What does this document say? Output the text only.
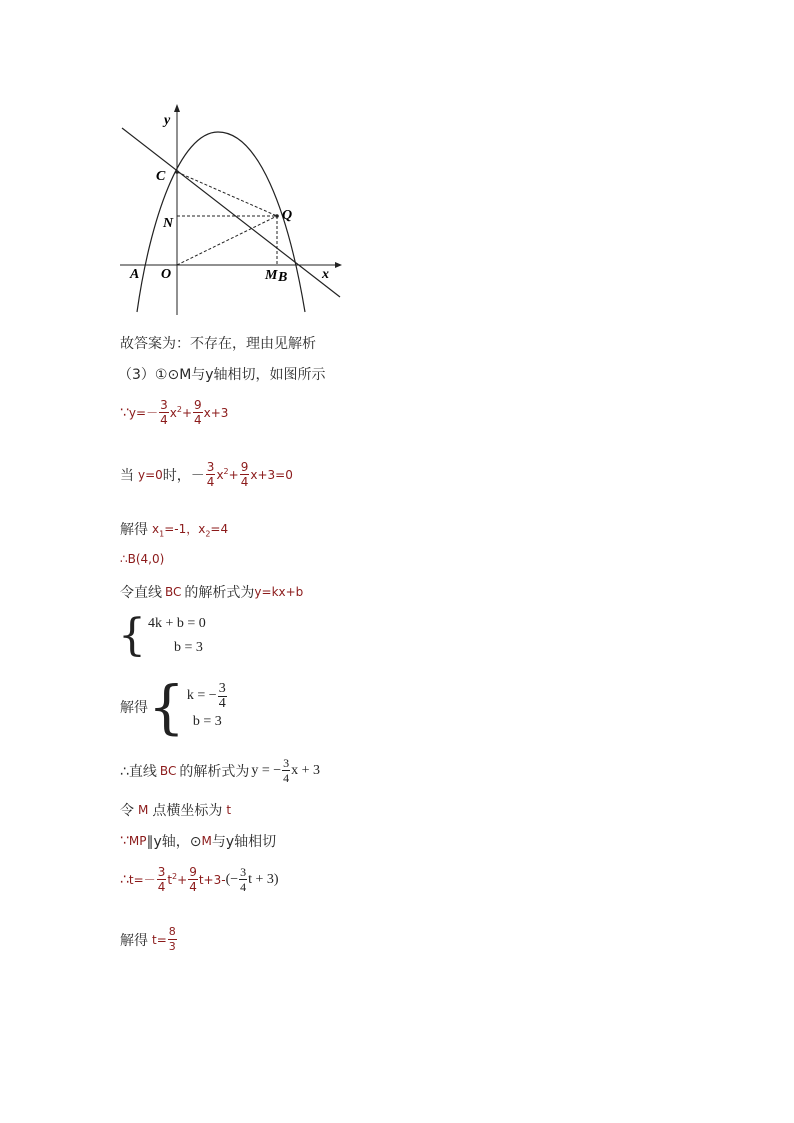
y
x
C
N
Q
A O	M B
故答案为：不存在，理由见解析
（3）①⊙M与y轴相切，如图所示
∵ $y=- \frac{3}{4} x^2+ \frac{9}{4} x+3$
当 y=0 时，－ $\frac{3}{4} x^2+ \frac{9}{4} x+3=0$
解得 $x_1=-1$，$x_2=4$
∴B(4,0)
令直线 BC 的解析式为 y=kx+b
{ 4k + b = 0
b = 3
解得 { k = − $\frac{3}{4}$
b = 3
∴直线 BC 的解析式为 y = − $\frac{3}{4}$ x + 3
令 M 点横坐标为 t
∵ MP ∥y轴，⊙ M 与y轴相切
∴ $t=- \frac{3}{4} t^2+ \frac{9}{4} t+3-$ (− $\frac{3}{4}$ t + 3)
解得 $t= \frac{8}{3}$
